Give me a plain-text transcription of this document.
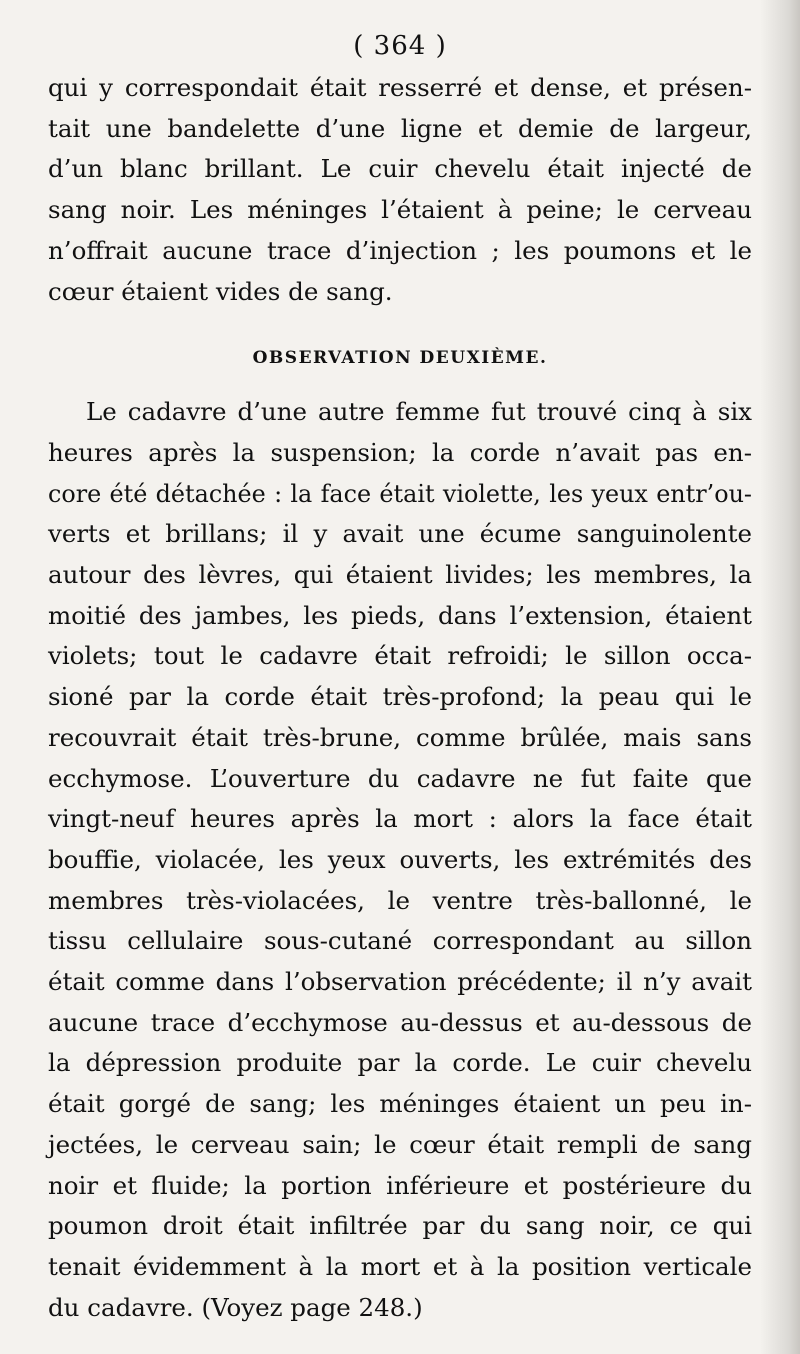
( 364 )
qui y correspondait était resserré et dense, et présen-
tait une bandelette d’une ligne et demie de largeur,
d’un blanc brillant. Le cuir chevelu était injecté de
sang noir. Les méninges l’étaient à peine; le cerveau
n’offrait aucune trace d’injection ; les poumons et le
cœur étaient vides de sang.
OBSERVATION DEUXIÈME.
Le cadavre d’une autre femme fut trouvé cinq à six
heures après la suspension; la corde n’avait pas en-
core été détachée : la face était violette, les yeux entr’ou-
verts et brillans; il y avait une écume sanguinolente
autour des lèvres, qui étaient livides; les membres, la
moitié des jambes, les pieds, dans l’extension, étaient
violets; tout le cadavre était refroidi; le sillon occa-
sioné par la corde était très-profond; la peau qui le
recouvrait était très-brune, comme brûlée, mais sans
ecchymose. L’ouverture du cadavre ne fut faite que
vingt-neuf heures après la mort : alors la face était
bouffie, violacée, les yeux ouverts, les extrémités des
membres très-violacées, le ventre très-ballonné, le
tissu cellulaire sous-cutané correspondant au sillon
était comme dans l’observation précédente; il n’y avait
aucune trace d’ecchymose au-dessus et au-dessous de
la dépression produite par la corde. Le cuir chevelu
était gorgé de sang; les méninges étaient un peu in-
jectées, le cerveau sain; le cœur était rempli de sang
noir et fluide; la portion inférieure et postérieure du
poumon droit était infiltrée par du sang noir, ce qui
tenait évidemment à la mort et à la position verticale
du cadavre. (Voyez page 248.)
